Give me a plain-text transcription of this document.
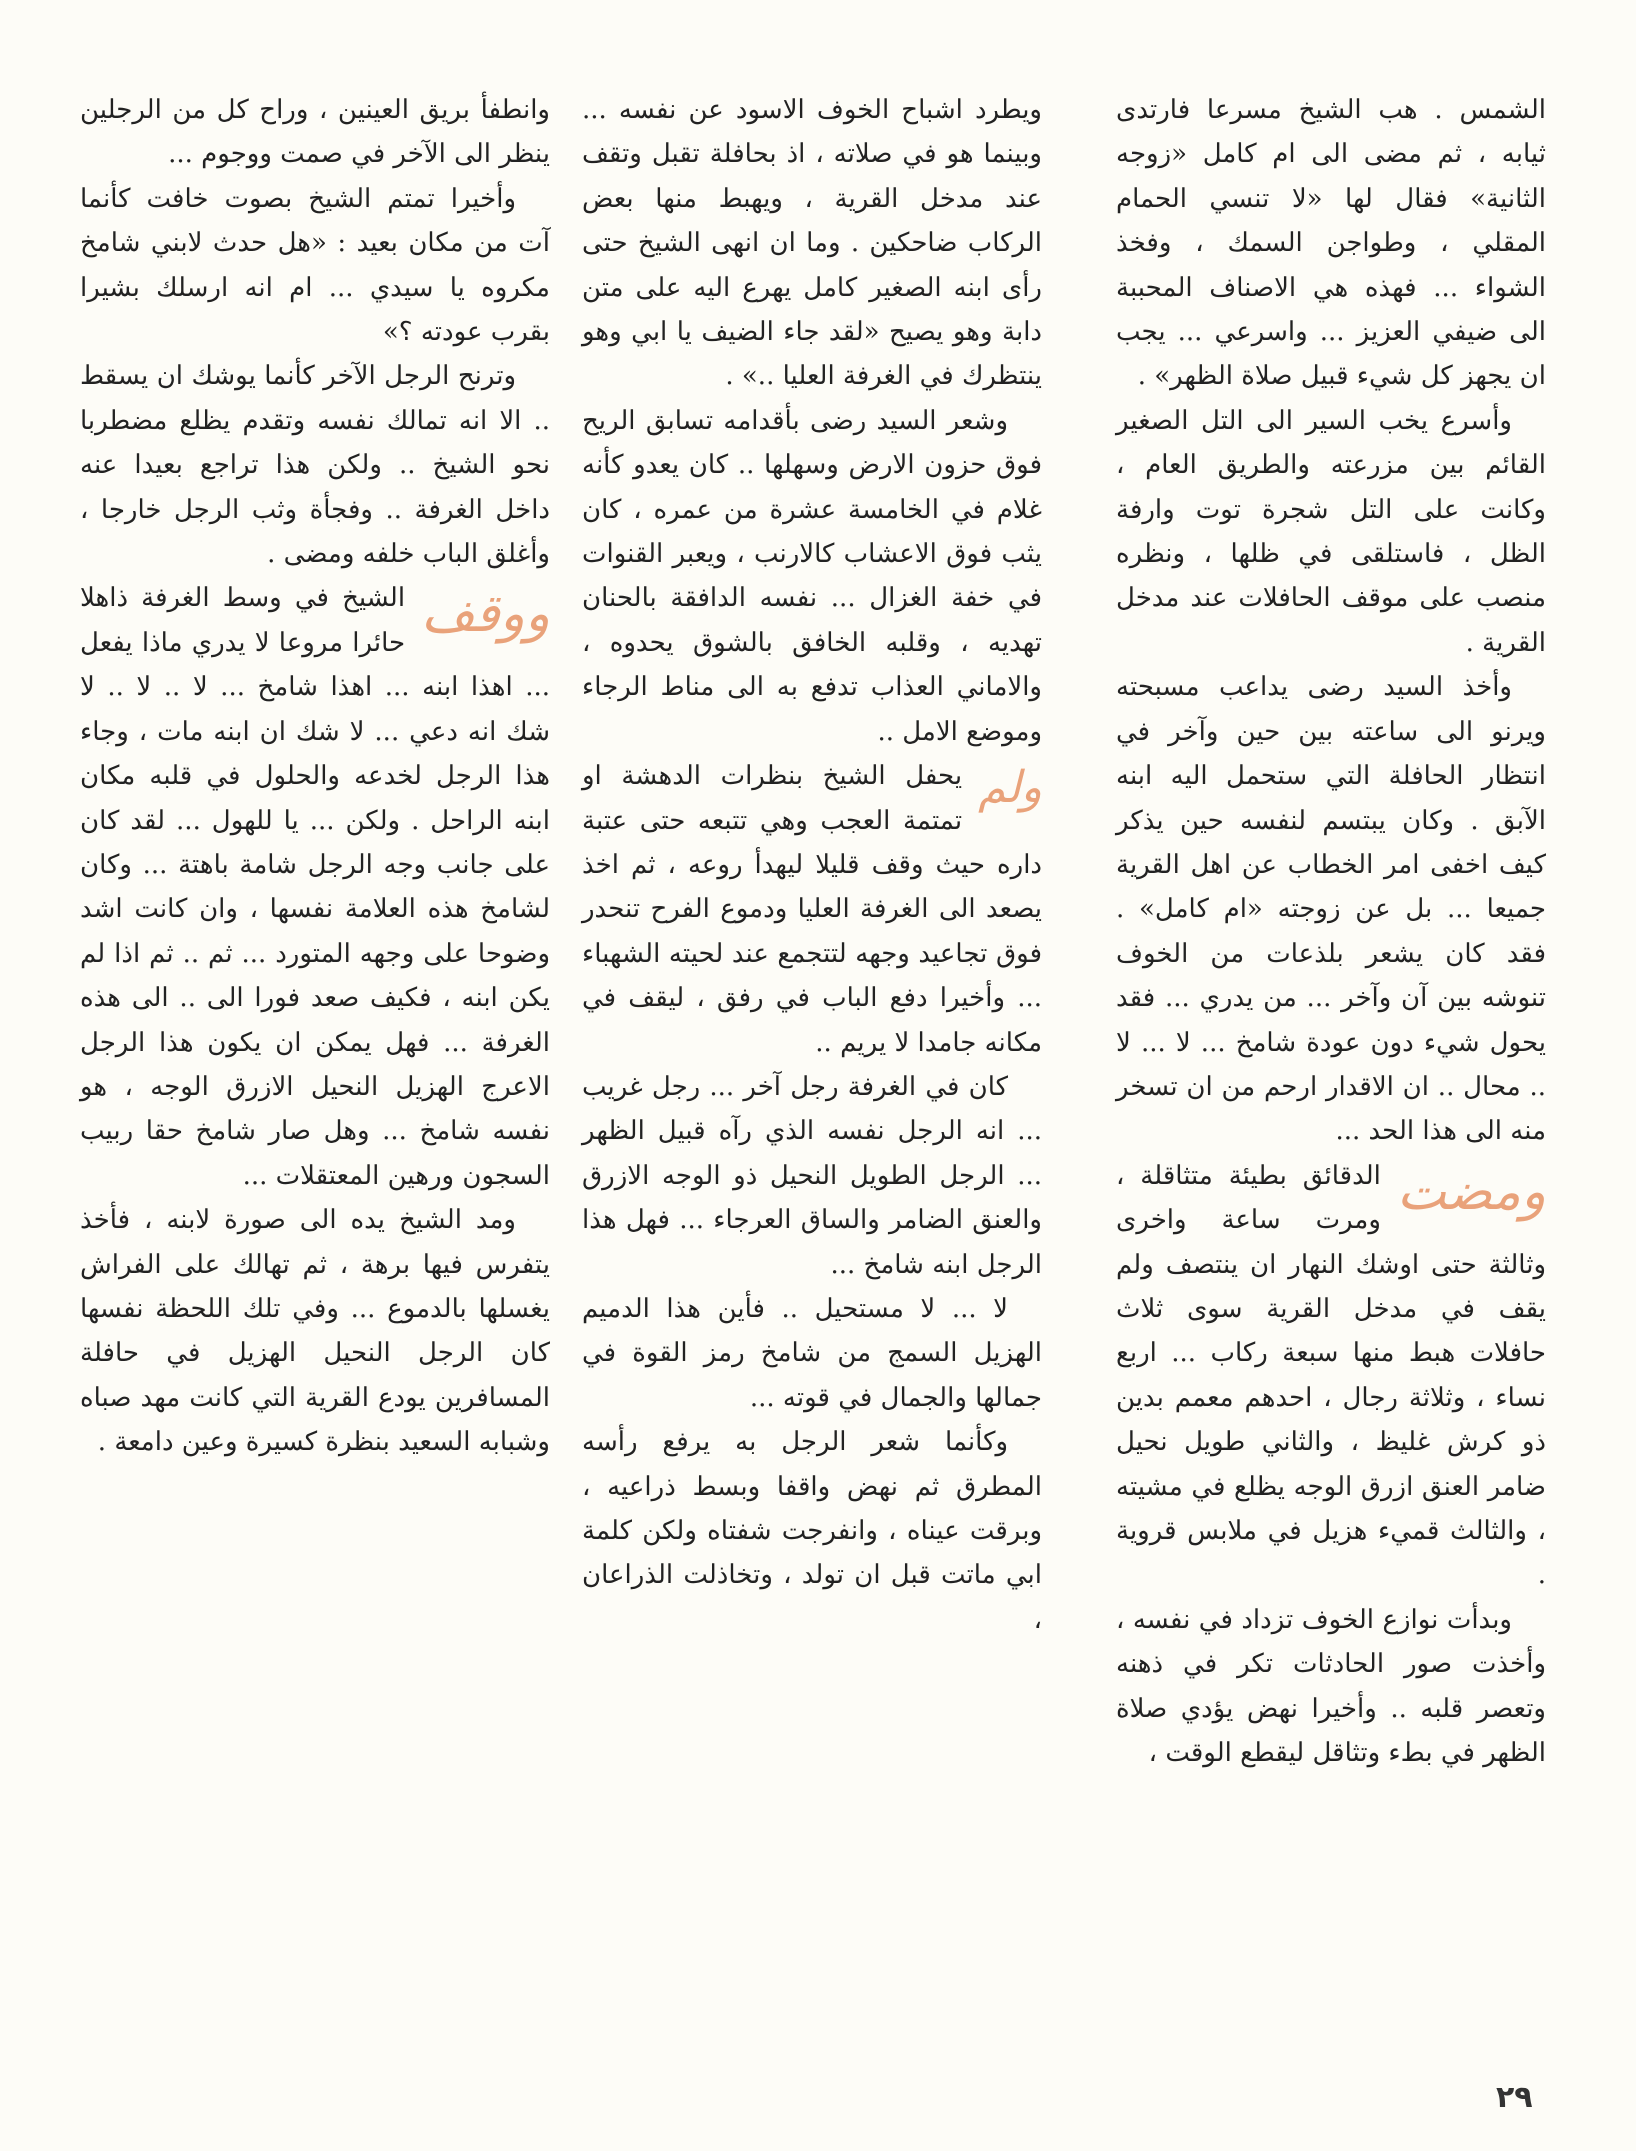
الشمس . هب الشيخ مسرعا فارتدى ثيابه ، ثم مضى الى ام كامل «زوجه الثانية» فقال لها «لا تنسي الحمام المقلي ، وطواجن السمك ، وفخذ الشواء ... فهذه هي الاصناف المحببة الى ضيفي العزيز ... واسرعي ... يجب ان يجهز كل شيء قبيل صلاة الظهر» .

وأسرع يخب السير الى التل الصغير القائم بين مزرعته والطريق العام ، وكانت على التل شجرة توت وارفة الظل ، فاستلقى في ظلها ، ونظره منصب على موقف الحافلات عند مدخل القرية .

وأخذ السيد رضى يداعب مسبحته ويرنو الى ساعته بين حين وآخر في انتظار الحافلة التي ستحمل اليه ابنه الآبق . وكان يبتسم لنفسه حين يذكر كيف اخفى امر الخطاب عن اهل القرية جميعا ... بل عن زوجته «ام كامل» . فقد كان يشعر بلذعات من الخوف تنوشه بين آن وآخر ... من يدري ... فقد يحول شيء دون عودة شامخ ... لا ... لا .. محال .. ان الاقدار ارحم من ان تسخر منه الى هذا الحد ...

ومضت
الدقائق بطيئة متثاقلة ، ومرت ساعة واخرى وثالثة حتى اوشك النهار ان ينتصف ولم يقف في مدخل القرية سوى ثلاث حافلات هبط منها سبعة ركاب ... اربع نساء ، وثلاثة رجال ، احدهم معمم بدين ذو كرش غليظ ، والثاني طويل نحيل ضامر العنق ازرق الوجه يظلع في مشيته ، والثالث قميء هزيل في ملابس قروية .

وبدأت نوازع الخوف تزداد في نفسه ، وأخذت صور الحادثات تكر في ذهنه وتعصر قلبه .. وأخيرا نهض يؤدي صلاة الظهر في بطء وتثاقل ليقطع الوقت ،

ويطرد اشباح الخوف الاسود عن نفسه ... وبينما هو في صلاته ، اذ بحافلة تقبل وتقف عند مدخل القرية ، ويهبط منها بعض الركاب ضاحكين . وما ان انهى الشيخ حتى رأى ابنه الصغير كامل يهرع اليه على متن دابة وهو يصيح «لقد جاء الضيف يا ابي وهو ينتظرك في الغرفة العليا ..» .

وشعر السيد رضى بأقدامه تسابق الريح فوق حزون الارض وسهلها .. كان يعدو كأنه غلام في الخامسة عشرة من عمره ، كان يثب فوق الاعشاب كالارنب ، ويعبر القنوات في خفة الغزال ... نفسه الدافقة بالحنان تهديه ، وقلبه الخافق بالشوق يحدوه ، والاماني العذاب تدفع به الى مناط الرجاء وموضع الامل ..

ولم
يحفل الشيخ بنظرات الدهشة او تمتمة العجب وهي تتبعه حتى عتبة داره حيث وقف قليلا ليهدأ روعه ، ثم اخذ يصعد الى الغرفة العليا ودموع الفرح تنحدر فوق تجاعيد وجهه لتتجمع عند لحيته الشهباء ... وأخيرا دفع الباب في رفق ، ليقف في مكانه جامدا لا يريم ..

كان في الغرفة رجل آخر ... رجل غريب ... انه الرجل نفسه الذي رآه قبيل الظهر ... الرجل الطويل النحيل ذو الوجه الازرق والعنق الضامر والساق العرجاء ... فهل هذا الرجل ابنه شامخ ...

لا ... لا مستحيل .. فأين هذا الدميم الهزيل السمج من شامخ رمز القوة في جمالها والجمال في قوته ...

وكأنما شعر الرجل به يرفع رأسه المطرق ثم نهض واقفا وبسط ذراعيه ، وبرقت عيناه ، وانفرجت شفتاه ولكن كلمة ابي ماتت قبل ان تولد ، وتخاذلت الذراعان ،

وانطفأ بريق العينين ، وراح كل من الرجلين ينظر الى الآخر في صمت ووجوم ...

وأخيرا تمتم الشيخ بصوت خافت كأنما آت من مكان بعيد : «هل حدث لابني شامخ مكروه يا سيدي ... ام انه ارسلك بشيرا بقرب عودته ؟»

وترنح الرجل الآخر كأنما يوشك ان يسقط .. الا انه تمالك نفسه وتقدم يظلع مضطربا نحو الشيخ .. ولكن هذا تراجع بعيدا عنه داخل الغرفة .. وفجأة وثب الرجل خارجا ، وأغلق الباب خلفه ومضى .

ووقف
الشيخ في وسط الغرفة ذاهلا حائرا مروعا لا يدري ماذا يفعل ... اهذا ابنه ... اهذا شامخ ... لا .. لا .. لا شك انه دعي ... لا شك ان ابنه مات ، وجاء هذا الرجل لخدعه والحلول في قلبه مكان ابنه الراحل . ولكن ... يا للهول ... لقد كان على جانب وجه الرجل شامة باهتة ... وكان لشامخ هذه العلامة نفسها ، وان كانت اشد وضوحا على وجهه المتورد ... ثم .. ثم اذا لم يكن ابنه ، فكيف صعد فورا الى .. الى هذه الغرفة ... فهل يمكن ان يكون هذا الرجل الاعرج الهزيل النحيل الازرق الوجه ، هو نفسه شامخ ... وهل صار شامخ حقا ربيب السجون ورهين المعتقلات ...

ومد الشيخ يده الى صورة لابنه ، فأخذ يتفرس فيها برهة ، ثم تهالك على الفراش يغسلها بالدموع ... وفي تلك اللحظة نفسها كان الرجل النحيل الهزيل في حافلة المسافرين يودع القرية التي كانت مهد صباه وشبابه السعيد بنظرة كسيرة وعين دامعة .

٢٩
